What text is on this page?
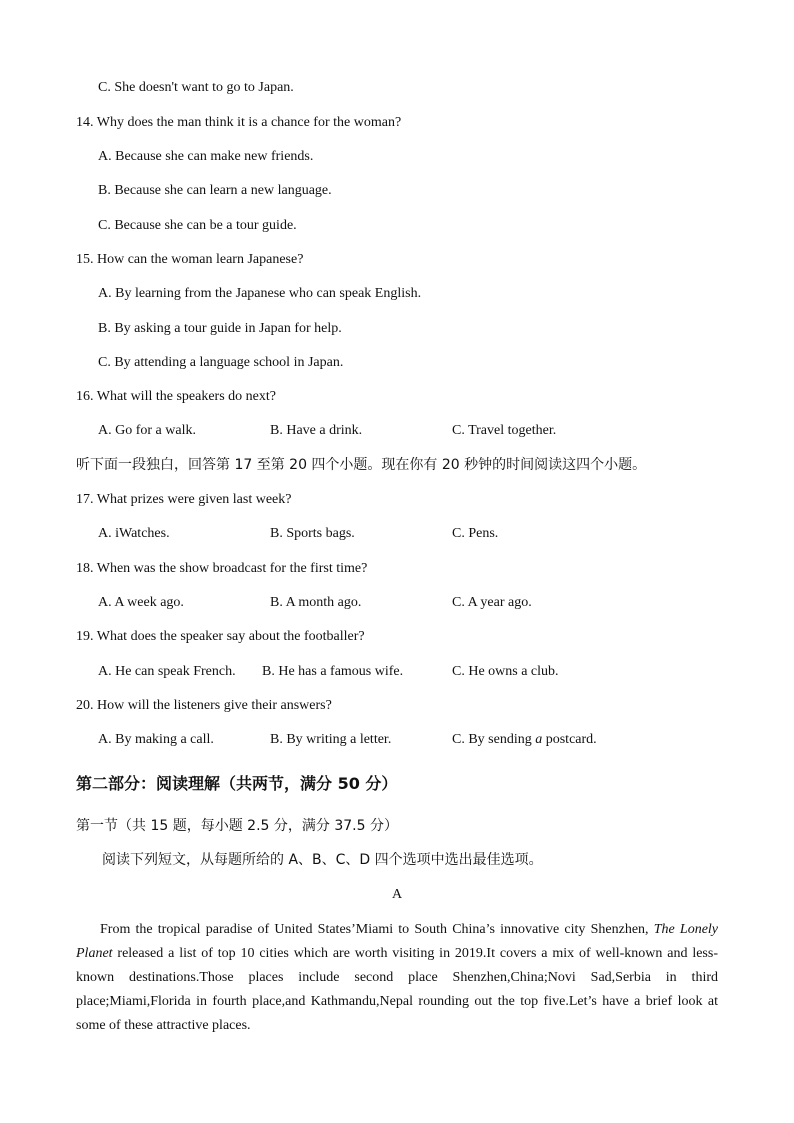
C. She doesn't want to go to Japan.
14. Why does the man think it is a chance for the woman?
A. Because she can make new friends.
B. Because she can learn a new language.
C. Because she can be a tour guide.
15. How can the woman learn Japanese?
A. By learning from the Japanese who can speak English.
B. By asking a tour guide in Japan for help.
C. By attending a language school in Japan.
16. What will the speakers do next?
A. Go for a walk.	B. Have a drink.	C. Travel together.
听下面一段独白，回答第 17 至第 20 四个小题。现在你有 20 秒钟的时间阅读这四个小题。
17. What prizes were given last week?
A. iWatches.	B. Sports bags.	C. Pens.
18. When was the show broadcast for the first time?
A. A week ago.	B. A month ago.	C. A year ago.
19. What does the speaker say about the footballer?
A. He can speak French. B. He has a famous wife.	C. He owns a club.
20. How will the listeners give their answers?
A. By making a call.	B. By writing a letter.	C. By sending a postcard.
第二部分：阅读理解（共两节，满分 50 分）
第一节（共 15 题，每小题 2.5 分，满分 37.5 分）
阅读下列短文，从每题所给的 A、B、C、D 四个选项中选出最佳选项。
A
From the tropical paradise of United States’Miami to South China’s innovative city Shenzhen, The Lonely Planet released a list of top 10 cities which are worth visiting in 2019.It covers a mix of well-known and less-known destinations.Those places include second place Shenzhen,China;Novi Sad,Serbia in third place;Miami,Florida in fourth place,and Kathmandu,Nepal rounding out the top five.Let’s have a brief look at some of these attractive places.
